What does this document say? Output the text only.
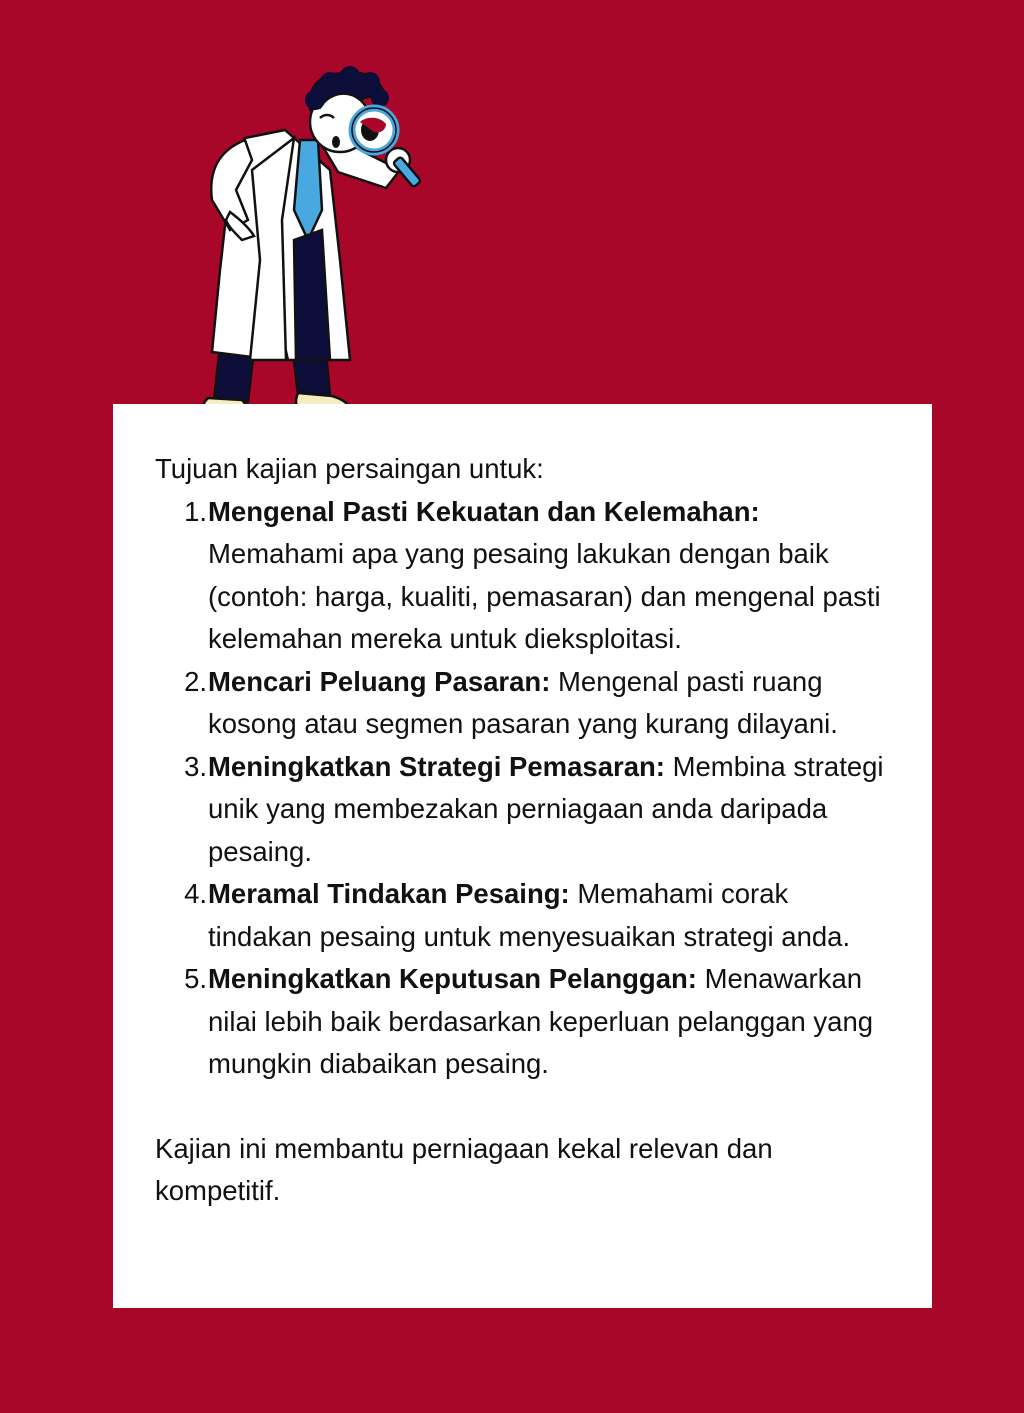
Tujuan kajian persaingan untuk:

1. Mengenal Pasti Kekuatan dan Kelemahan: Memahami apa yang pesaing lakukan dengan baik (contoh: harga, kualiti, pemasaran) dan mengenal pasti kelemahan mereka untuk dieksploitasi.
2. Mencari Peluang Pasaran: Mengenal pasti ruang kosong atau segmen pasaran yang kurang dilayani.
3. Meningkatkan Strategi Pemasaran: Membina strategi unik yang membezakan perniagaan anda daripada pesaing.
4. Meramal Tindakan Pesaing: Memahami corak tindakan pesaing untuk menyesuaikan strategi anda.
5. Meningkatkan Keputusan Pelanggan: Menawarkan nilai lebih baik berdasarkan keperluan pelanggan yang mungkin diabaikan pesaing.

Kajian ini membantu perniagaan kekal relevan dan kompetitif.
